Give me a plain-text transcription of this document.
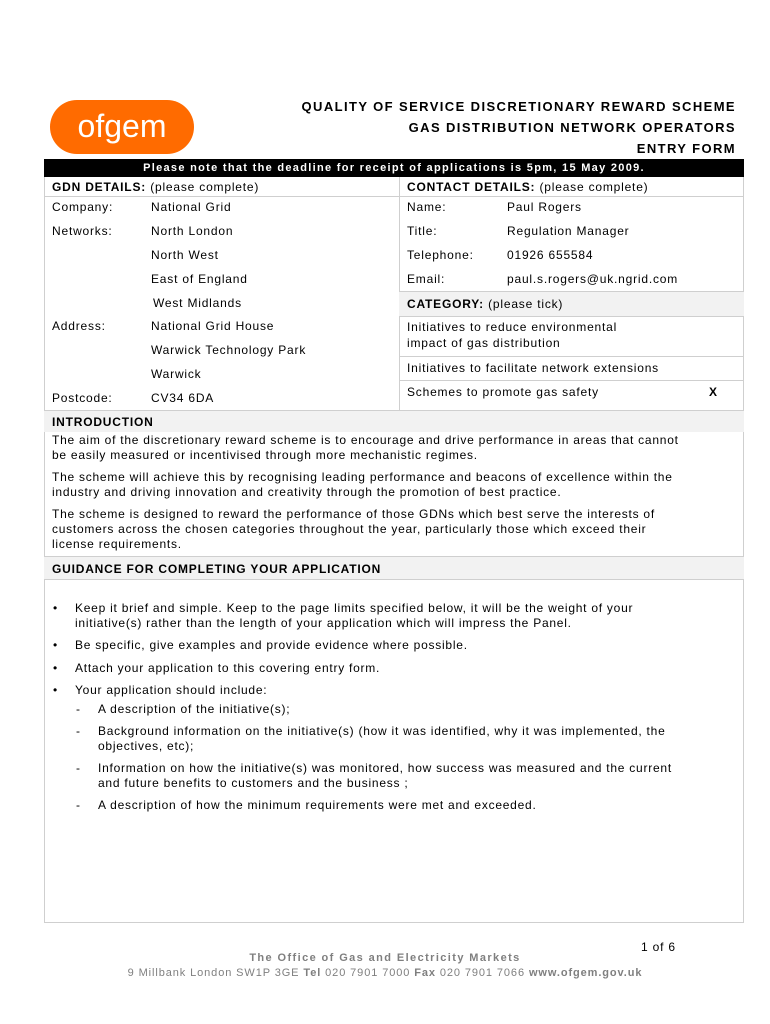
ofgem
QUALITY OF SERVICE DISCRETIONARY REWARD SCHEME
GAS DISTRIBUTION NETWORK OPERATORS
ENTRY FORM
Please note that the deadline for receipt of applications is 5pm, 15 May 2009.
GDN DETAILS: (please complete)
Company:	National Grid
Networks:	North London
North West
East of England
West Midlands
Address:	National Grid House
Warwick Technology Park
Warwick
Postcode:	CV34 6DA
CONTACT DETAILS: (please complete)
Name:	Paul Rogers
Title:	Regulation Manager
Telephone:	01926 655584
Email:	paul.s.rogers@uk.ngrid.com
CATEGORY: (please tick)
Initiatives to reduce environmental
impact of gas distribution
Initiatives to facilitate network extensions
Schemes to promote gas safety	X
INTRODUCTION
The aim of the discretionary reward scheme is to encourage and drive performance in areas that cannot
be easily measured or incentivised through more mechanistic regimes.
The scheme will achieve this by recognising leading performance and beacons of excellence within the
industry and driving innovation and creativity through the promotion of best practice.
The scheme is designed to reward the performance of those GDNs which best serve the interests of
customers across the chosen categories throughout the year, particularly those which exceed their
license requirements.
GUIDANCE FOR COMPLETING YOUR APPLICATION
• Keep it brief and simple. Keep to the page limits specified below, it will be the weight of your
initiative(s) rather than the length of your application which will impress the Panel.
• Be specific, give examples and provide evidence where possible.
• Attach your application to this covering entry form.
• Your application should include:
- A description of the initiative(s);
- Background information on the initiative(s) (how it was identified, why it was implemented, the
objectives, etc);
- Information on how the initiative(s) was monitored, how success was measured and the current
and future benefits to customers and the business ;
- A description of how the minimum requirements were met and exceeded.
1 of 6
The Office of Gas and Electricity Markets
9 Millbank London SW1P 3GE Tel 020 7901 7000 Fax 020 7901 7066 www.ofgem.gov.uk
